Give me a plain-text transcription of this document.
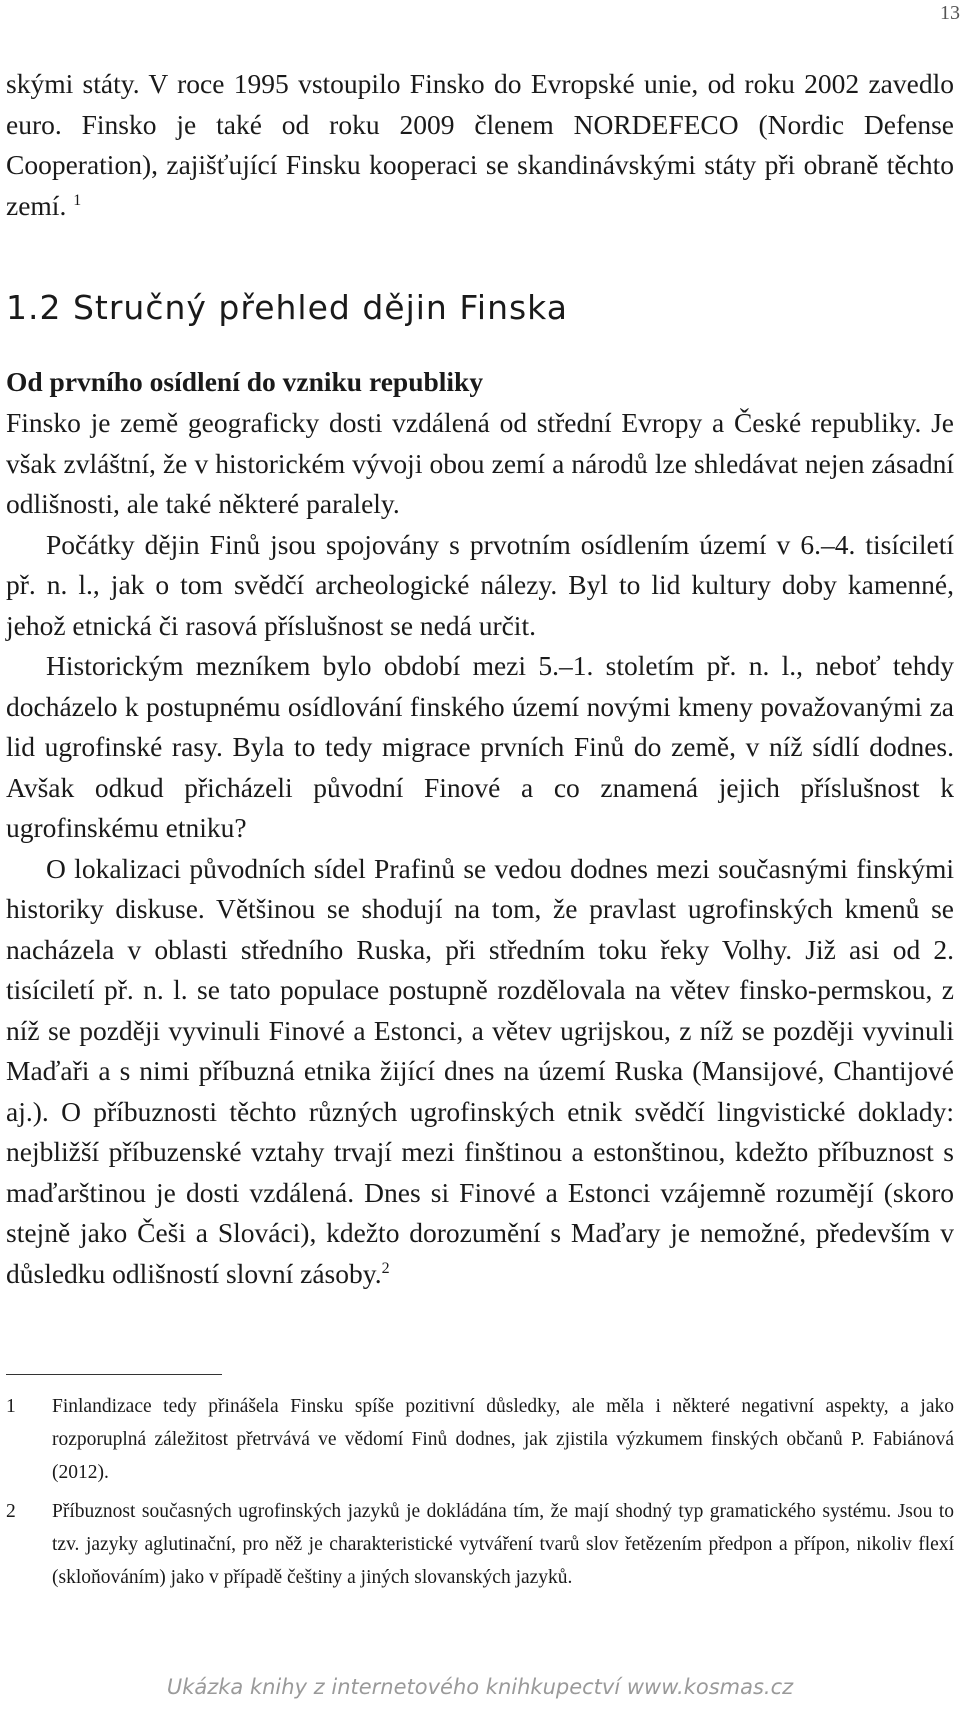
13

skými státy. V roce 1995 vstoupilo Finsko do Evropské unie, od roku 2002 zavedlo euro. Finsko je také od roku 2009 členem NORDEFECO (Nordic Defense Cooperation), zajišťující Finsku kooperaci se skandinávskými státy při obraně těchto zemí. $^1$

1.2 Stručný přehled dějin Finska
Od prvního osídlení do vzniku republiky

Finsko je země geograficky dosti vzdálená od střední Evropy a České republiky. Je však zvláštní, že v historickém vývoji obou zemí a národů lze shledávat nejen zásadní odlišnosti, ale také některé paralely.

Počátky dějin Finů jsou spojovány s prvotním osídlením území v 6.–4. tisíciletí př. n. l., jak o tom svědčí archeologické nálezy. Byl to lid kultury doby kamenné, jehož etnická či rasová příslušnost se nedá určit.

Historickým mezníkem bylo období mezi 5.–1. stoletím př. n. l., neboť tehdy docházelo k postupnému osídlování finského území novými kmeny považovanými za lid ugrofinské rasy. Byla to tedy migrace prvních Finů do země, v níž sídlí dodnes. Avšak odkud přicházeli původní Finové a co znamená jejich příslušnost k ugrofinskému etniku?

O lokalizaci původních sídel Prafinů se vedou dodnes mezi současnými finskými historiky diskuse. Většinou se shodují na tom, že pravlast ugrofinských kmenů se nacházela v oblasti středního Ruska, při středním toku řeky Volhy. Již asi od 2. tisíciletí př. n. l. se tato populace postupně rozdělovala na větev finsko-permskou, z níž se později vyvinuli Finové a Estonci, a větev ugrijskou, z níž se později vyvinuli Maďaři a s nimi příbuzná etnika žijící dnes na území Ruska (Mansijové, Chantijové aj.). O příbuznosti těchto různých ugrofinských etnik svědčí lingvistické doklady: nejbližší příbuzenské vztahy trvají mezi finštinou a estonštinou, kdežto příbuznost s maďarštinou je dosti vzdálená. Dnes si Finové a Estonci vzájemně rozumějí (skoro stejně jako Češi a Slováci), kdežto dorozumění s Maďary je nemožné, především v důsledku odlišností slovní zásoby.$^2$

1	Finlandizace tedy přinášela Finsku spíše pozitivní důsledky, ale měla i některé negativní aspekty, a jako rozporuplná záležitost přetrvává ve vědomí Finů dodnes, jak zjistila výzkumem finských občanů P. Fabiánová (2012).
2	Příbuznost současných ugrofinských jazyků je dokládána tím, že mají shodný typ gramatického systému. Jsou to tzv. jazyky aglutinační, pro něž je charakteristické vytváření tvarů slov řetězením předpon a přípon, nikoliv flexí (skloňováním) jako v případě češtiny a jiných slovanských jazyků.
Ukázka knihy z internetového knihkupectví www.kosmas.cz
